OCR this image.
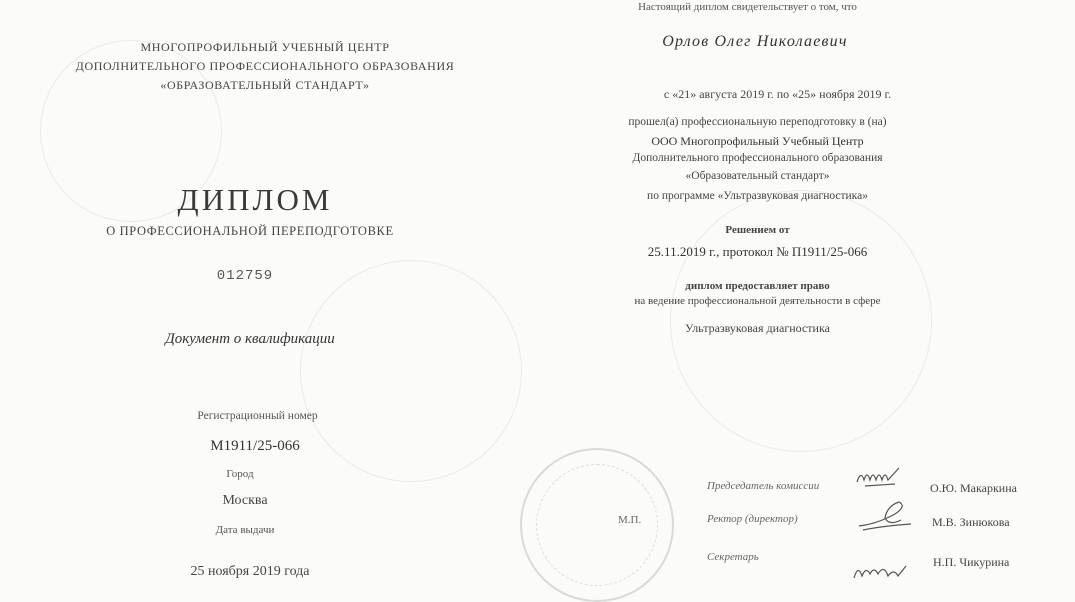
МНОГОПРОФИЛЬНЫЙ УЧЕБНЫЙ ЦЕНТР
ДОПОЛНИТЕЛЬНОГО ПРОФЕССИОНАЛЬНОГО ОБРАЗОВАНИЯ
«ОБРАЗОВАТЕЛЬНЫЙ СТАНДАРТ»
ДИПЛОМ
О ПРОФЕССИОНАЛЬНОЙ ПЕРЕПОДГОТОВКЕ
012759
Документ о квалификации
Регистрационный номер
M1911/25-066
Город
Москва
Дата выдачи
25 ноября 2019 года
Настоящий диплом свидетельствует о том, что
Орлов Олег Николаевич
с «21» августа 2019 г. по «25» ноября 2019 г.
прошел(а) профессиональную переподготовку в (на)
ООО Многопрофильный Учебный Центр
Дополнительного профессионального образования
«Образовательный стандарт»
по программе «Ультразвуковая диагностика»
Решением от
25.11.2019 г., протокол № П1911/25-066
диплом предоставляет право
на ведение профессиональной деятельности в сфере
Ультразвуковая диагностика
М.П.
Председатель комиссии	О.Ю. Макаркина
Ректор (директор)	М.В. Зинюкова
Секретарь	Н.П. Чикурина
